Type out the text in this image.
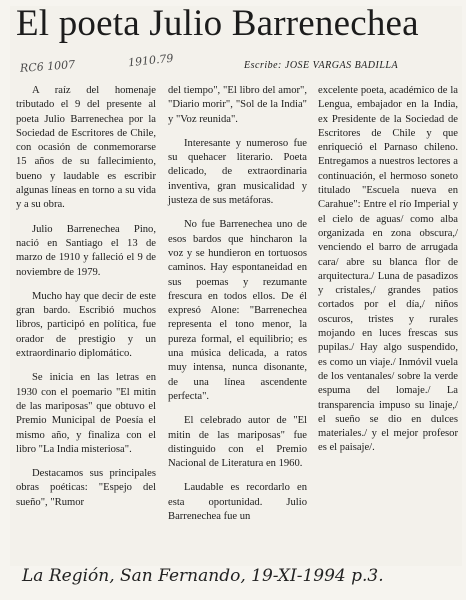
El poeta Julio Barrenechea
RC6 1007	1910.79	Escribe: JOSE VARGAS BADILLA

A raíz del homenaje tributado el 9 del presente al poeta Julio Barrenechea por la Sociedad de Escritores de Chile, con ocasión de conmemorarse 15 años de su fallecimiento, bueno y laudable es escribir algunas líneas en torno a su vida y a su obra.

Julio Barrenechea Pino, nació en Santiago el 13 de marzo de 1910 y falleció el 9 de noviembre de 1979.

Mucho hay que decir de este gran bardo. Escribió muchos libros, participó en política, fue orador de prestigio y un extraordinario diplomático.

Se inicia en las letras en 1930 con el poemario "El mitin de las mariposas" que obtuvo el Premio Municipal de Poesía el mismo año, y finaliza con el libro "La India misteriosa".

Destacamos sus principales obras poéticas: "Espejo del sueño", "Rumor

del tiempo", "El libro del amor", "Diario morir", "Sol de la India" y "Voz reunida".

Interesante y numeroso fue su quehacer literario. Poeta delicado, de extraordinaria inventiva, gran musicalidad y justeza de sus metáforas.

No fue Barrenechea uno de esos bardos que hincharon la voz y se hundieron en tortuosos caminos. Hay espontaneidad en sus poemas y rezumante frescura en todos ellos. De él expresó Alone: "Barrenechea representa el tono menor, la pureza formal, el equilibrio; es una música delicada, a ratos muy intensa, nunca disonante, de una línea ascendente perfecta".

El celebrado autor de "El mitin de las mariposas" fue distinguido con el Premio Nacional de Literatura en 1960.

Laudable es recordarlo en esta oportunidad. Julio Barrenechea fue un

excelente poeta, académico de la Lengua, embajador en la India, ex Presidente de la Sociedad de Escritores de Chile y que enriqueció el Parnaso chileno. Entregamos a nuestros lectores a continuación, el hermoso soneto titulado "Escuela nueva en Carahue": Entre el río Imperial y el cielo de aguas/ como alba organizada en zona obscura,/ venciendo el barro de arrugada cara/ abre su blanca flor de arquitectura./ Luna de pasadizos y cristales,/ grandes patios cortados por el día,/ niños oscuros, tristes y rurales mojando en luces frescas sus pupilas./ Hay algo suspendido, es como un viaje./ Inmóvil vuela de los ventanales/ sobre la verde espuma del lomaje./ La transparencia impuso su linaje,/ el sueño se dio en dulces materiales./ y el mejor profesor es el paisaje/.

La Región, San Fernando, 19-XI-1994 p.3.
